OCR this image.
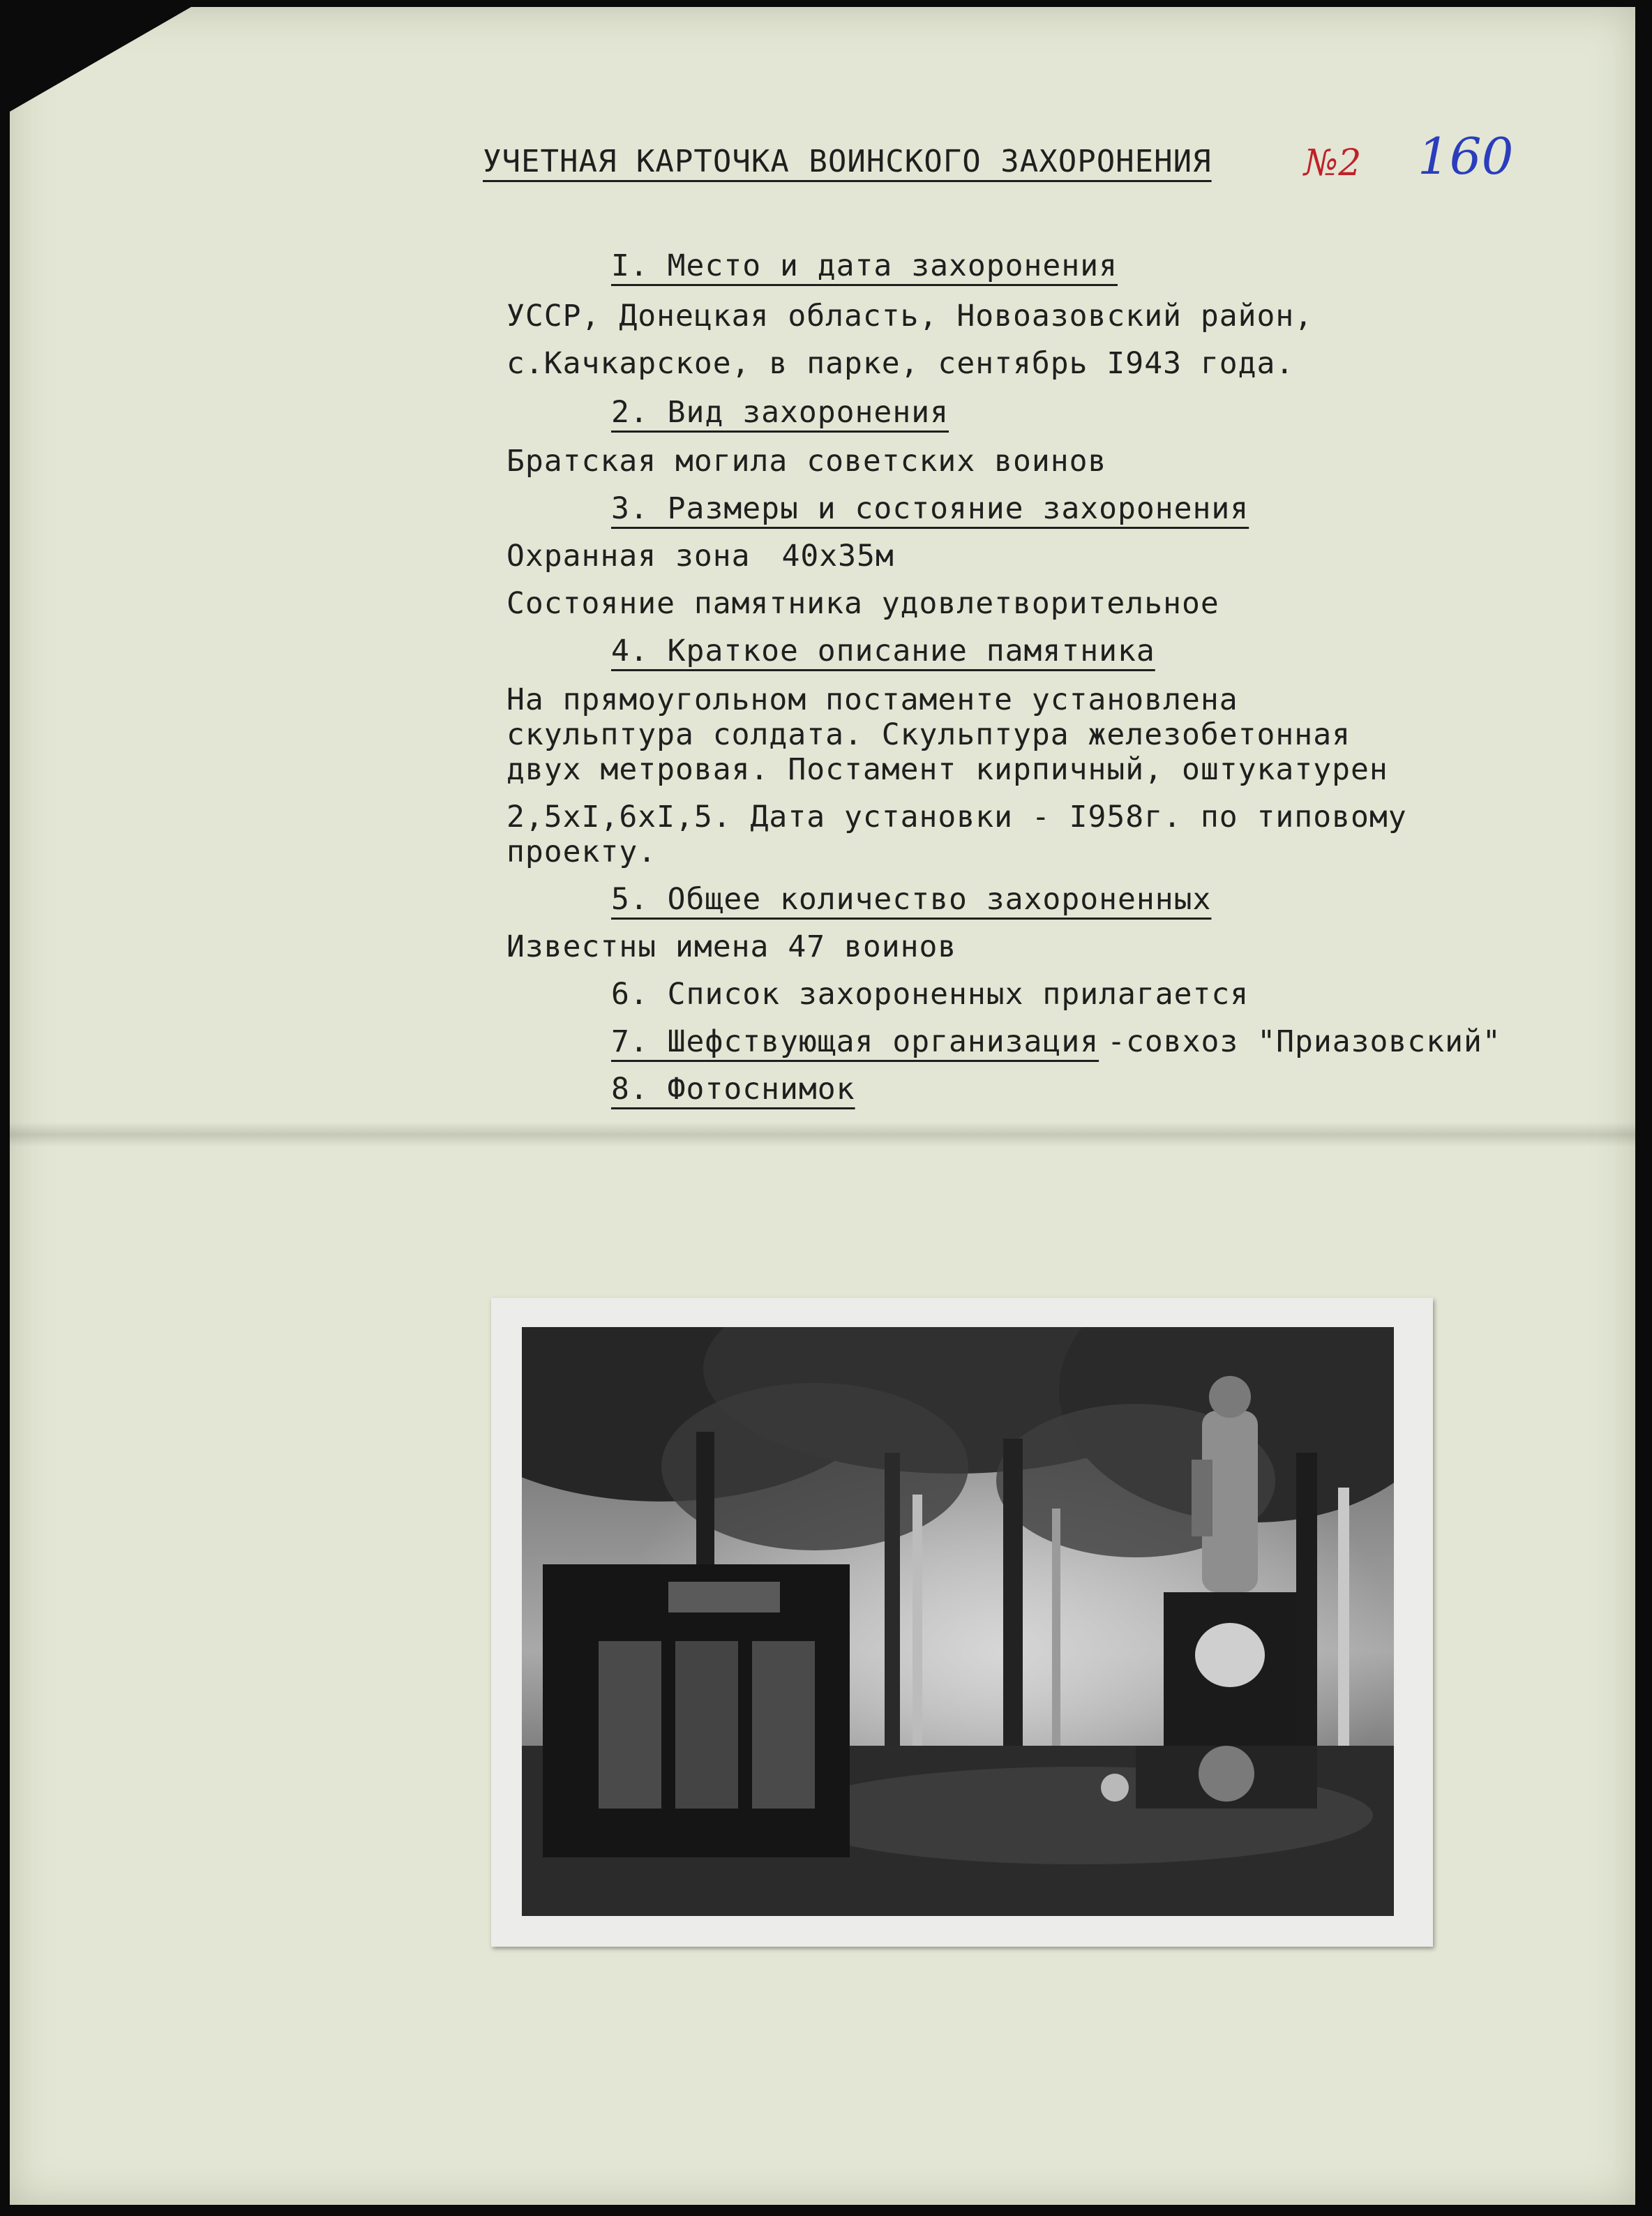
УЧЕТНАЯ КАРТОЧКА ВОИНСКОГО ЗАХОРОНЕНИЯ	№2 160

I. Место и дата захоронения

УССР, Донецкая область, Новоазовский район,

с.Качкарское, в парке, сентябрь I943 года.

2. Вид захоронения

Братская могила советских воинов

3. Размеры и состояние захоронения

Охранная зона 40х35м

Состояние памятника удовлетворительное

4. Краткое описание памятника

На прямоугольном постаменте установлена

скульптура солдата. Скульптура железобетонная

двух метровая. Постамент кирпичный, оштукатурен

2,5хI,6хI,5. Дата установки - I958г. по типовому

проекту.

5. Общее количество захороненных

Известны имена 47 воинов

6. Список захороненных прилагается

7. Шефствующая организация -совхоз "Приазовский"

8. Фотоснимок
